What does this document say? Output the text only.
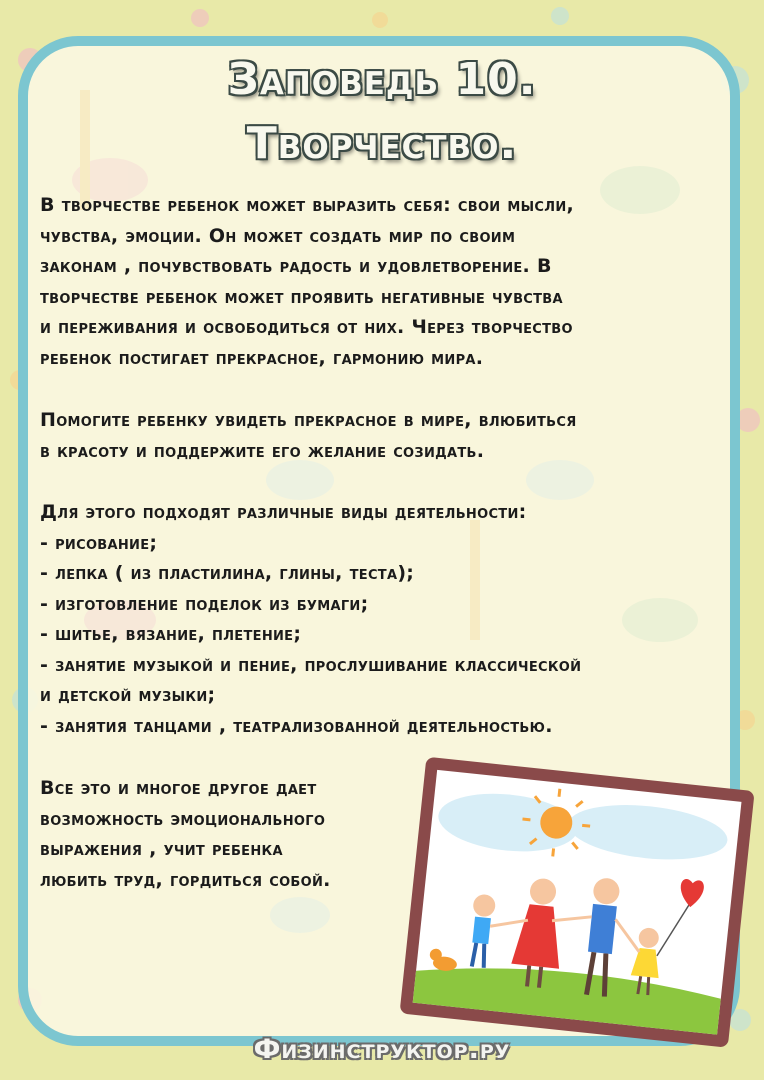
Заповедь 10.
Творчество.
В творчестве ребенок может выразить себя: свои мысли,
чувства, эмоции. Он может создать мир по своим
законам , почувствовать радость и удовлетворение. В
творчестве ребенок может проявить негативные чувства
и переживания и освободиться от них. Через творчество
ребенок постигает прекрасное, гармонию мира.
Помогите ребенку увидеть прекрасное в мире, влюбиться
в красоту и поддержите его желание созидать.
Для этого подходят различные виды деятельности:
- рисование;
- лепка ( из пластилина, глины, теста);
- изготовление поделок из бумаги;
- шитье, вязание, плетение;
- занятие музыкой и пение, прослушивание классической
и детской музыки;
- занятия танцами , театрализованной деятельностью.
Все это и многое другое дает
возможность эмоционального
выражения , учит ребенка
любить труд, гордиться собой.
Физинструктор.ру
